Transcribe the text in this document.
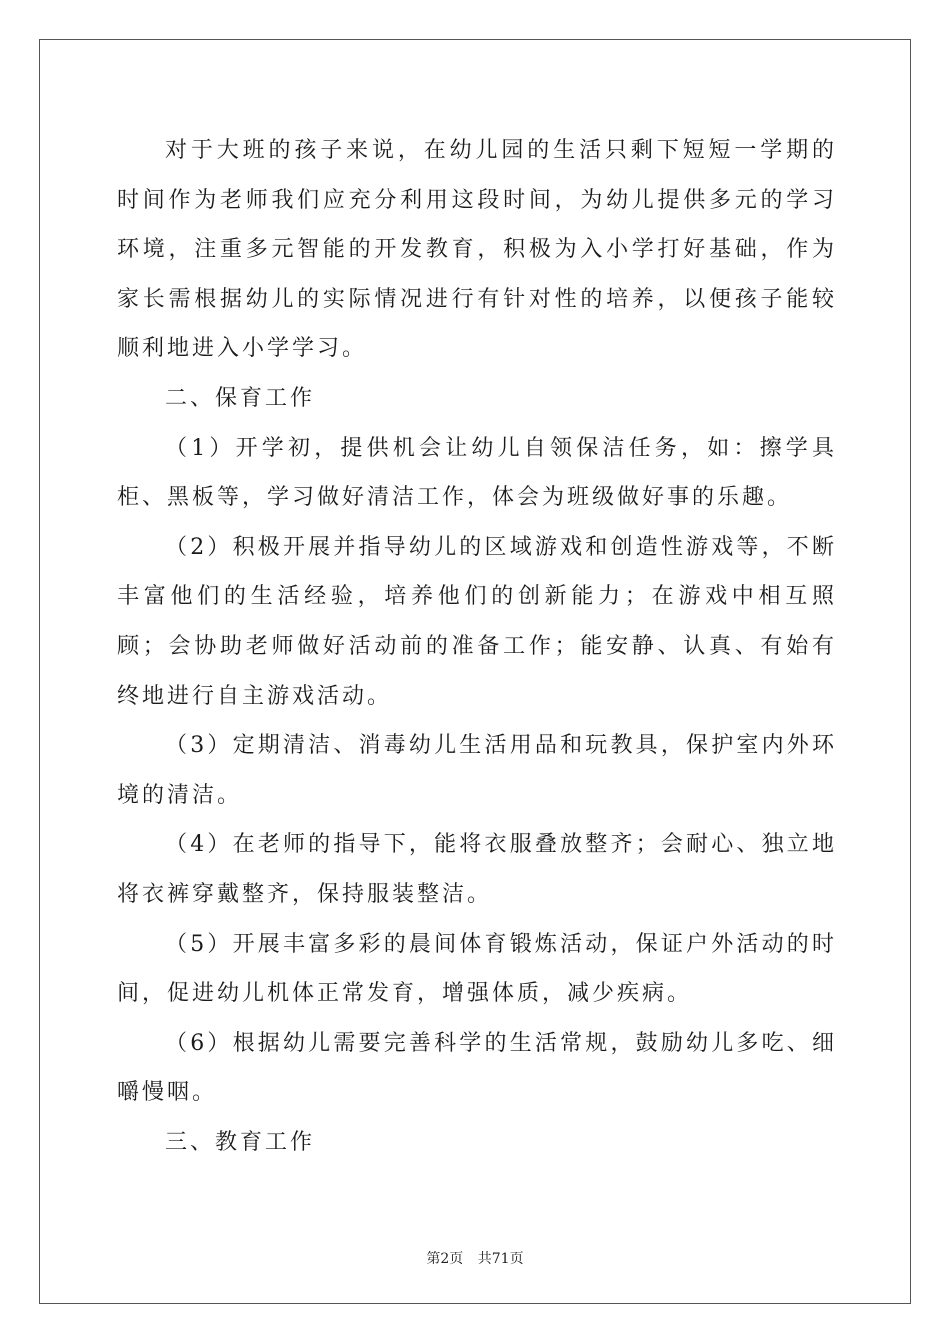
对于大班的孩子来说，在幼儿园的生活只剩下短短一学期的时间作为老师我们应充分利用这段时间，为幼儿提供多元的学习环境，注重多元智能的开发教育，积极为入小学打好基础，作为家长需根据幼儿的实际情况进行有针对性的培养，以便孩子能较顺利地进入小学学习。

二、保育工作

（1）开学初，提供机会让幼儿自领保洁任务，如：擦学具柜、黑板等，学习做好清洁工作，体会为班级做好事的乐趣。

（2）积极开展并指导幼儿的区域游戏和创造性游戏等，不断丰富他们的生活经验，培养他们的创新能力；在游戏中相互照顾；会协助老师做好活动前的准备工作；能安静、认真、有始有终地进行自主游戏活动。

（3）定期清洁、消毒幼儿生活用品和玩教具，保护室内外环境的清洁。

（4）在老师的指导下，能将衣服叠放整齐；会耐心、独立地将衣裤穿戴整齐，保持服装整洁。

（5）开展丰富多彩的晨间体育锻炼活动，保证户外活动的时间，促进幼儿机体正常发育，增强体质，减少疾病。

（6）根据幼儿需要完善科学的生活常规，鼓励幼儿多吃、细嚼慢咽。

三、教育工作

第2页 共71页
